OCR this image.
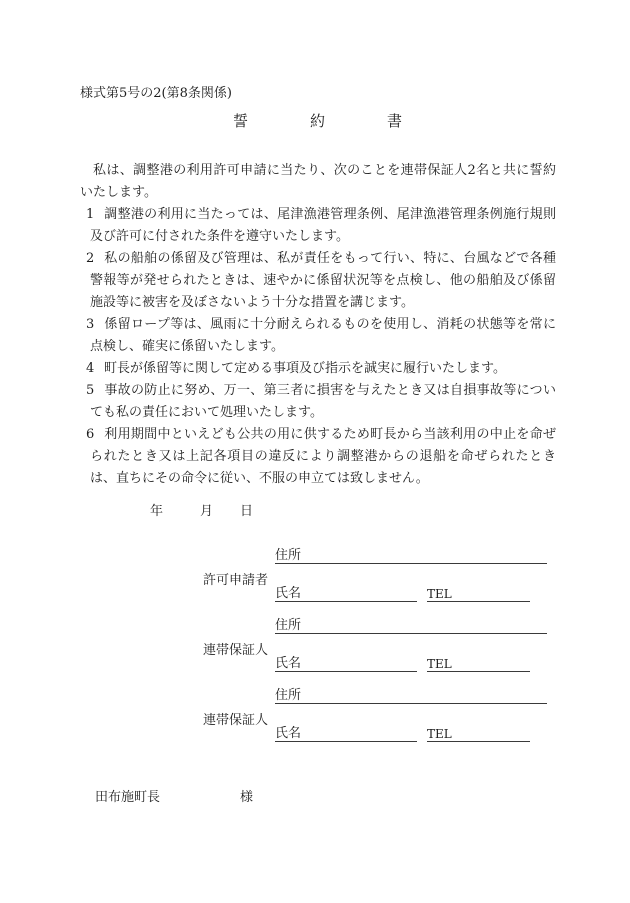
様式第5号の2(第8条関係)
誓約書
私は、調整港の利用許可申請に当たり、次のことを連帯保証人2名と共に誓約いたします。
1 調整港の利用に当たっては、尾津漁港管理条例、尾津漁港管理条例施行規則及び許可に付された条件を遵守いたします。
2 私の船舶の係留及び管理は、私が責任をもって行い、特に、台風などで各種警報等が発せられたときは、速やかに係留状況等を点検し、他の船舶及び係留施設等に被害を及ぼさないよう十分な措置を講じます。
3 係留ロープ等は、風雨に十分耐えられるものを使用し、消耗の状態等を常に点検し、確実に係留いたします。
4 町長が係留等に関して定める事項及び指示を誠実に履行いたします。
5 事故の防止に努め、万一、第三者に損害を与えたとき又は自損事故等についても私の責任において処理いたします。
6 利用期間中といえども公共の用に供するため町長から当該利用の中止を命ぜられたとき又は上記各項目の違反により調整港からの退船を命ぜられたときは、直ちにその命令に従い、不服の申立ては致しません。
年	月 日
住所
許可申請者
氏名	TEL
住所
連帯保証人
氏名	TEL
住所
連帯保証人
氏名	TEL
田布施町長	様
